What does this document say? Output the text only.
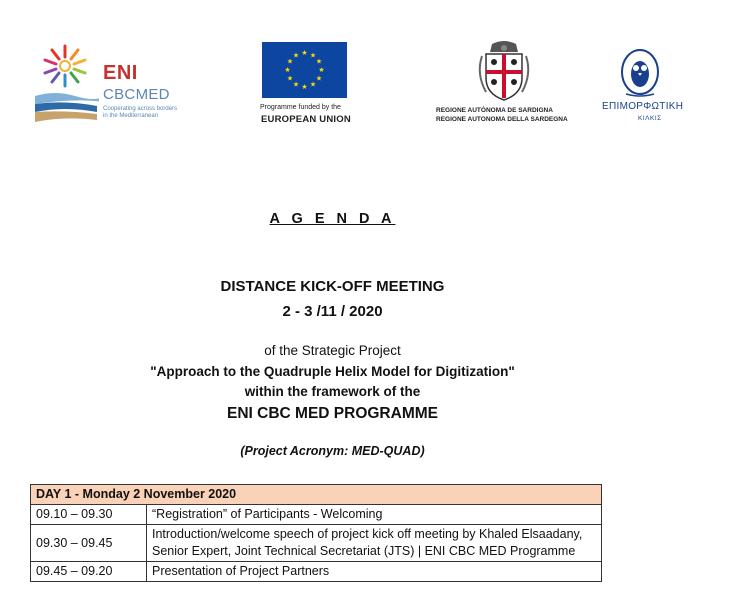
ENI
CBCMED
Cooperating across borders
in the Mediterranean
★ ★
★
★
★
★
★
★
★
★
★
★
Programme funded by the
EUROPEAN UNION
REGIONE AUTÒNOMA DE SARDIGNA
REGIONE AUTONOMA DELLA SARDEGNA
ΕΠΙΜΟΡΦΩΤΙΚΗ
ΚΙΛΚΙΣ
A G E N D A
DISTANCE KICK-OFF MEETING
2 - 3 /11 / 2020
of the Strategic Project
"Approach to the Quadruple Helix Model for Digitization"
within the framework of the
ENI CBC MED PROGRAMME
(Project Acronym: MED-QUAD)
DAY 1 - Monday 2 November 2020	
09.10 – 09.30	“Registration” of Participants - Welcoming
09.30 – 09.45	Introduction/welcome speech of project kick off meeting by Khaled Elsaadany, Senior Expert, Joint Technical Secretariat (JTS) | ENI CBC MED Programme
09.45 – 09.20	Presentation of Project Partners
